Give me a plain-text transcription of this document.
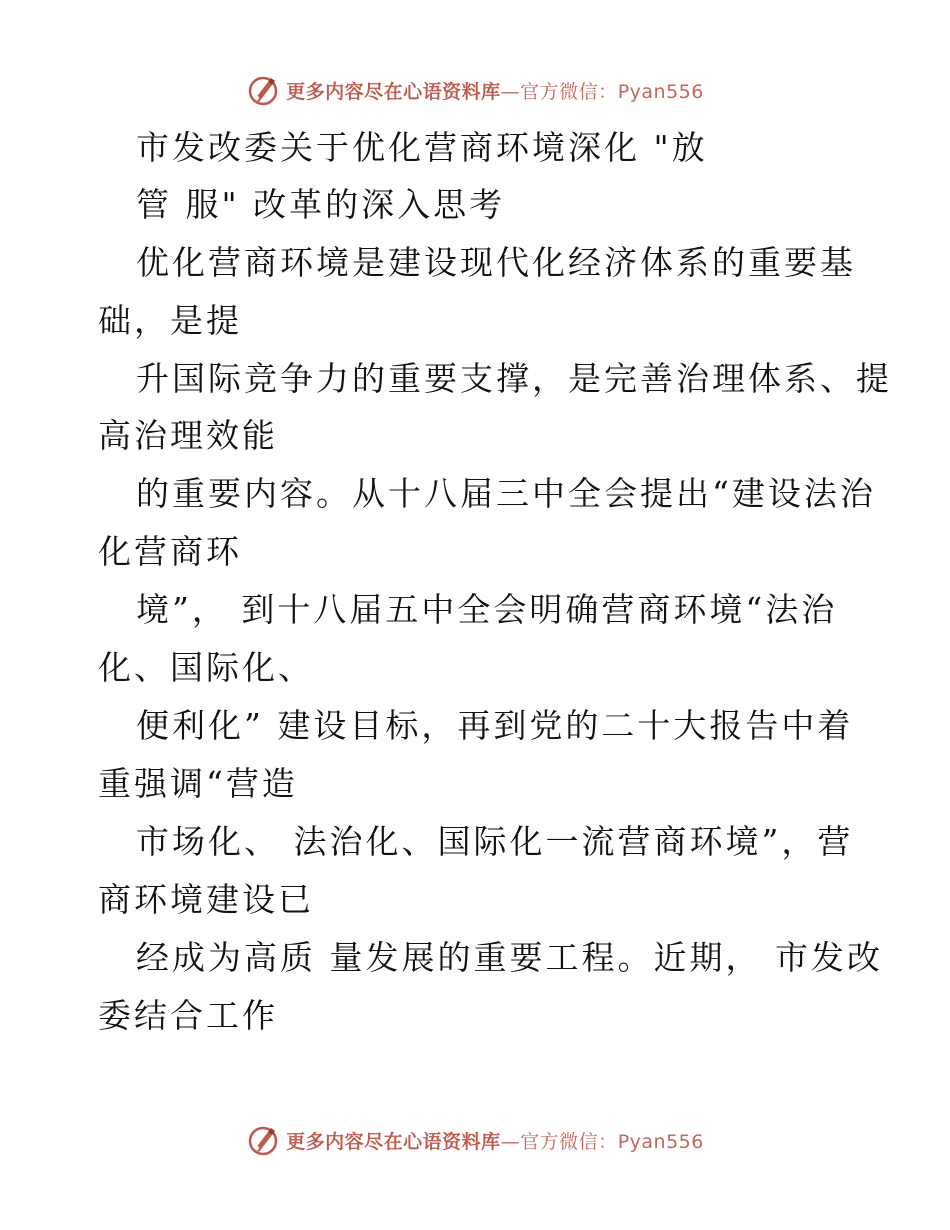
更多内容尽在心语资料库—官方微信：Pyan556
市发改委关于优化营商环境深化 "放
管 服" 改革的深入思考
优化营商环境是建设现代化经济体系的重要基
础，是提
升国际竞争力的重要支撑，是完善治理体系、提
高治理效能
的重要内容。从十八届三中全会提出“建设法治
化营商环
境”， 到十八届五中全会明确营商环境“法治
化、国际化、
便利化” 建设目标，再到党的二十大报告中着
重强调“营造
市场化、 法治化、国际化一流营商环境”，营
商环境建设已
经成为高质 量发展的重要工程。近期， 市发改
委结合工作
更多内容尽在心语资料库—官方微信：Pyan556
